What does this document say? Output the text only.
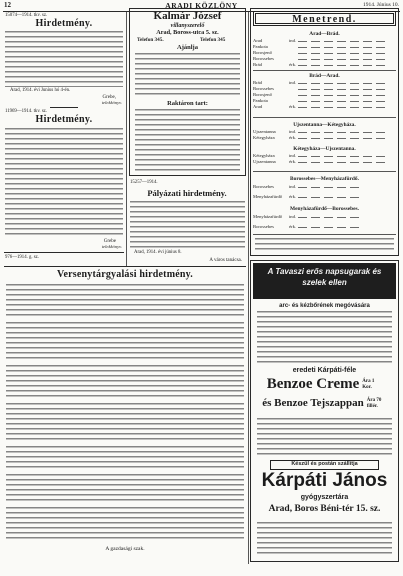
12	ARADI KÖZLÖNY	1914. Június 10.
15074—1914. tkv. sz.
Hirdetmény.
Arad, 1914. évi Junius hó 4-én.
Grebe,
telekkönyv.
11969—1914. tkv. sz.
Hirdetmény.
Grebe
telekkönyv.
976—1914. g. sz.
Kalmár József
villanyszerelő
Arad, Boross-utca 5. sz.
Telefon 345.	Telefon 345
Ajánlja
Raktáron tart:
15257—1914.
Pályázati hirdetmény.
Arad, 1914. évi június 8.
A város tanácsa.
Versenytárgyalási hirdetmény.
A gazdasági szak.
Menetrend.
Arad—Brád.
Arad	ind.
Pankota
Borosjenő
Borossebes
Brád	érk.
Brád—Arad.
Brád	ind.
Borossebes
Borosjenő
Pankota
Arad	érk.
Ujszentanna—Kétegyháza.
Ujszentanna	ind.
Kétegyháza	érk.
Kétegyháza—Ujszentanna.
Kétegyháza	ind.
Ujszentanna	érk.
Borossebes—Menyházafürdő.
Borossebes	ind.
Menyházafürdő	érk.
Menyházafürdő—Borossebes.
Menyházafürdő	ind.
Borossebes	érk.
A Tavaszi erős napsugarak és szelek ellen
arc- és kézbőrének megóvására
eredeti Kárpáti-féle
Benzoe Creme Ára 1 Kor.
és Benzoe Tejszappan Ára 70 fillér.
Készül és postán szállítja
Kárpáti János
gyógyszertára
Arad, Boros Béni-tér 15. sz.
